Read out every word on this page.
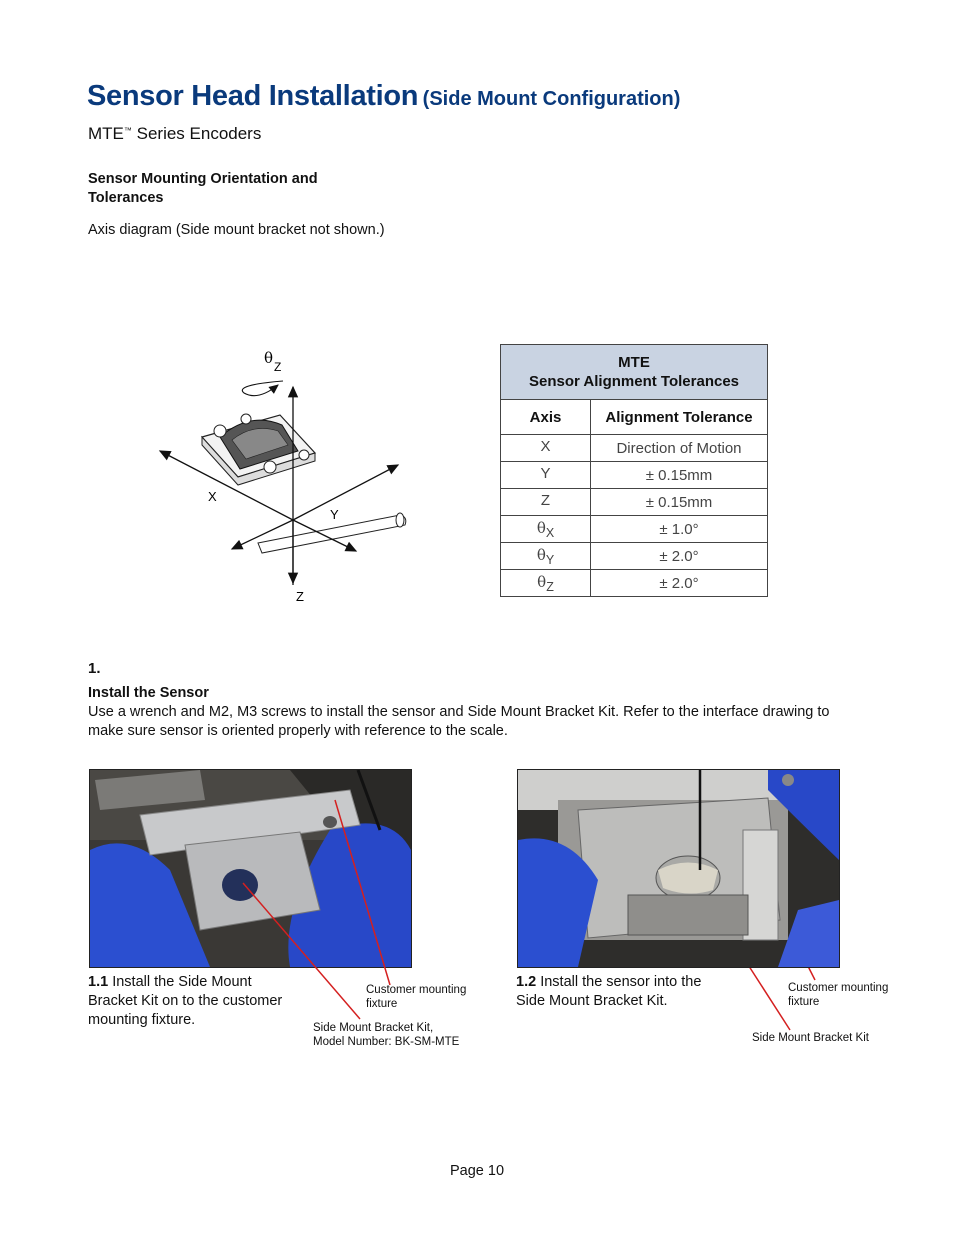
Sensor Head Installation (Side Mount Configuration)
MTE™ Series Encoders
Sensor Mounting Orientation and
Tolerances
Axis diagram (Side mount bracket not shown.)
X
Y
Z
θ Z	MTE
Sensor Alignment Tolerances	

Axis	Alignment Tolerance
X	Direction of Motion
Y	± 0.15mm
Z	± 0.15mm
$\theta_X$	± 1.0°
$\theta_Y$	± 2.0°
$\theta_Z$	± 2.0°
1.
Install the Sensor
Use a wrench and M2, M3 screws to install the sensor and Side Mount Bracket Kit. Refer to the interface drawing to make sure sensor is oriented properly with reference to the scale.
1.1 Install the Side Mount Bracket Kit on to the customer mounting fixture.
Customer mounting
fixture
Side Mount Bracket Kit,
Model Number: BK-SM-MTE
1.2 Install the sensor into the Side Mount Bracket Kit.
Customer mounting
fixture
Side Mount Bracket Kit
Page 10
